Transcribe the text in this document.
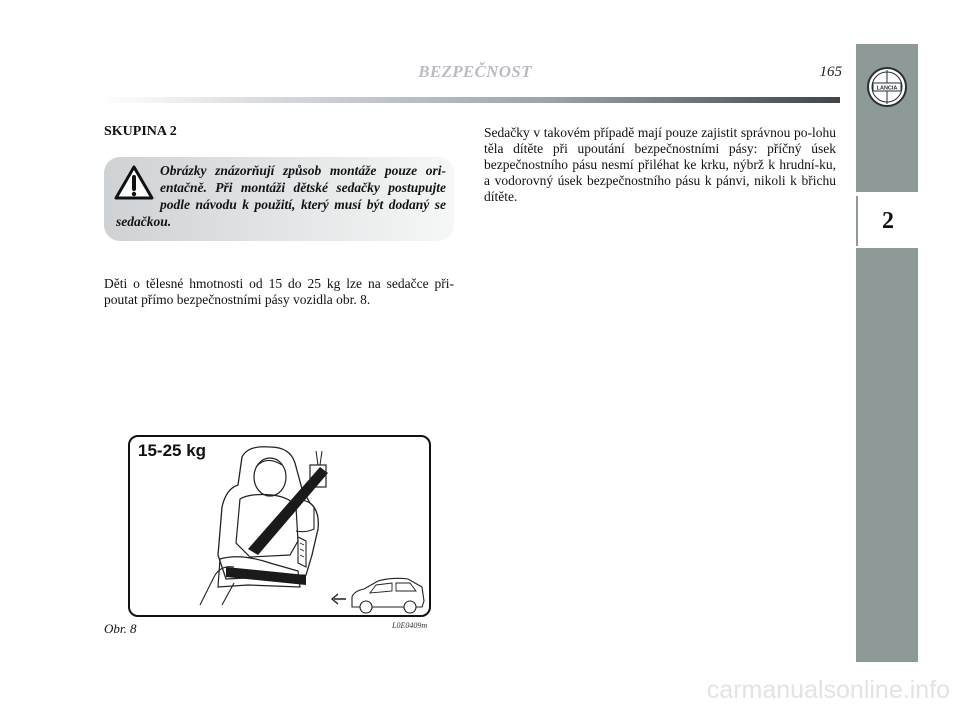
BEZPEČNOST	165
LANCIA
2
SKUPINA 2
Obrázky znázorňují způsob montáže pouze ori-entačně. Při montáži dětské sedačky postupujte podle návodu k použití, který musí být dodaný se sedačkou.
Děti o tělesné hmotnosti od 15 do 25 kg lze na sedačce při-poutat přímo bezpečnostními pásy vozidla obr. 8.
Sedačky v takovém případě mají pouze zajistit správnou po-lohu těla dítěte při upoutání bezpečnostními pásy: příčný úsek bezpečnostního pásu nesmí přiléhat ke krku, nýbrž k hrudní-ku, a vodorovný úsek bezpečnostního pásu k pánvi, nikoli k břichu dítěte.
15-25 kg
Obr. 8	L0E0409m
carmanualsonline.info
